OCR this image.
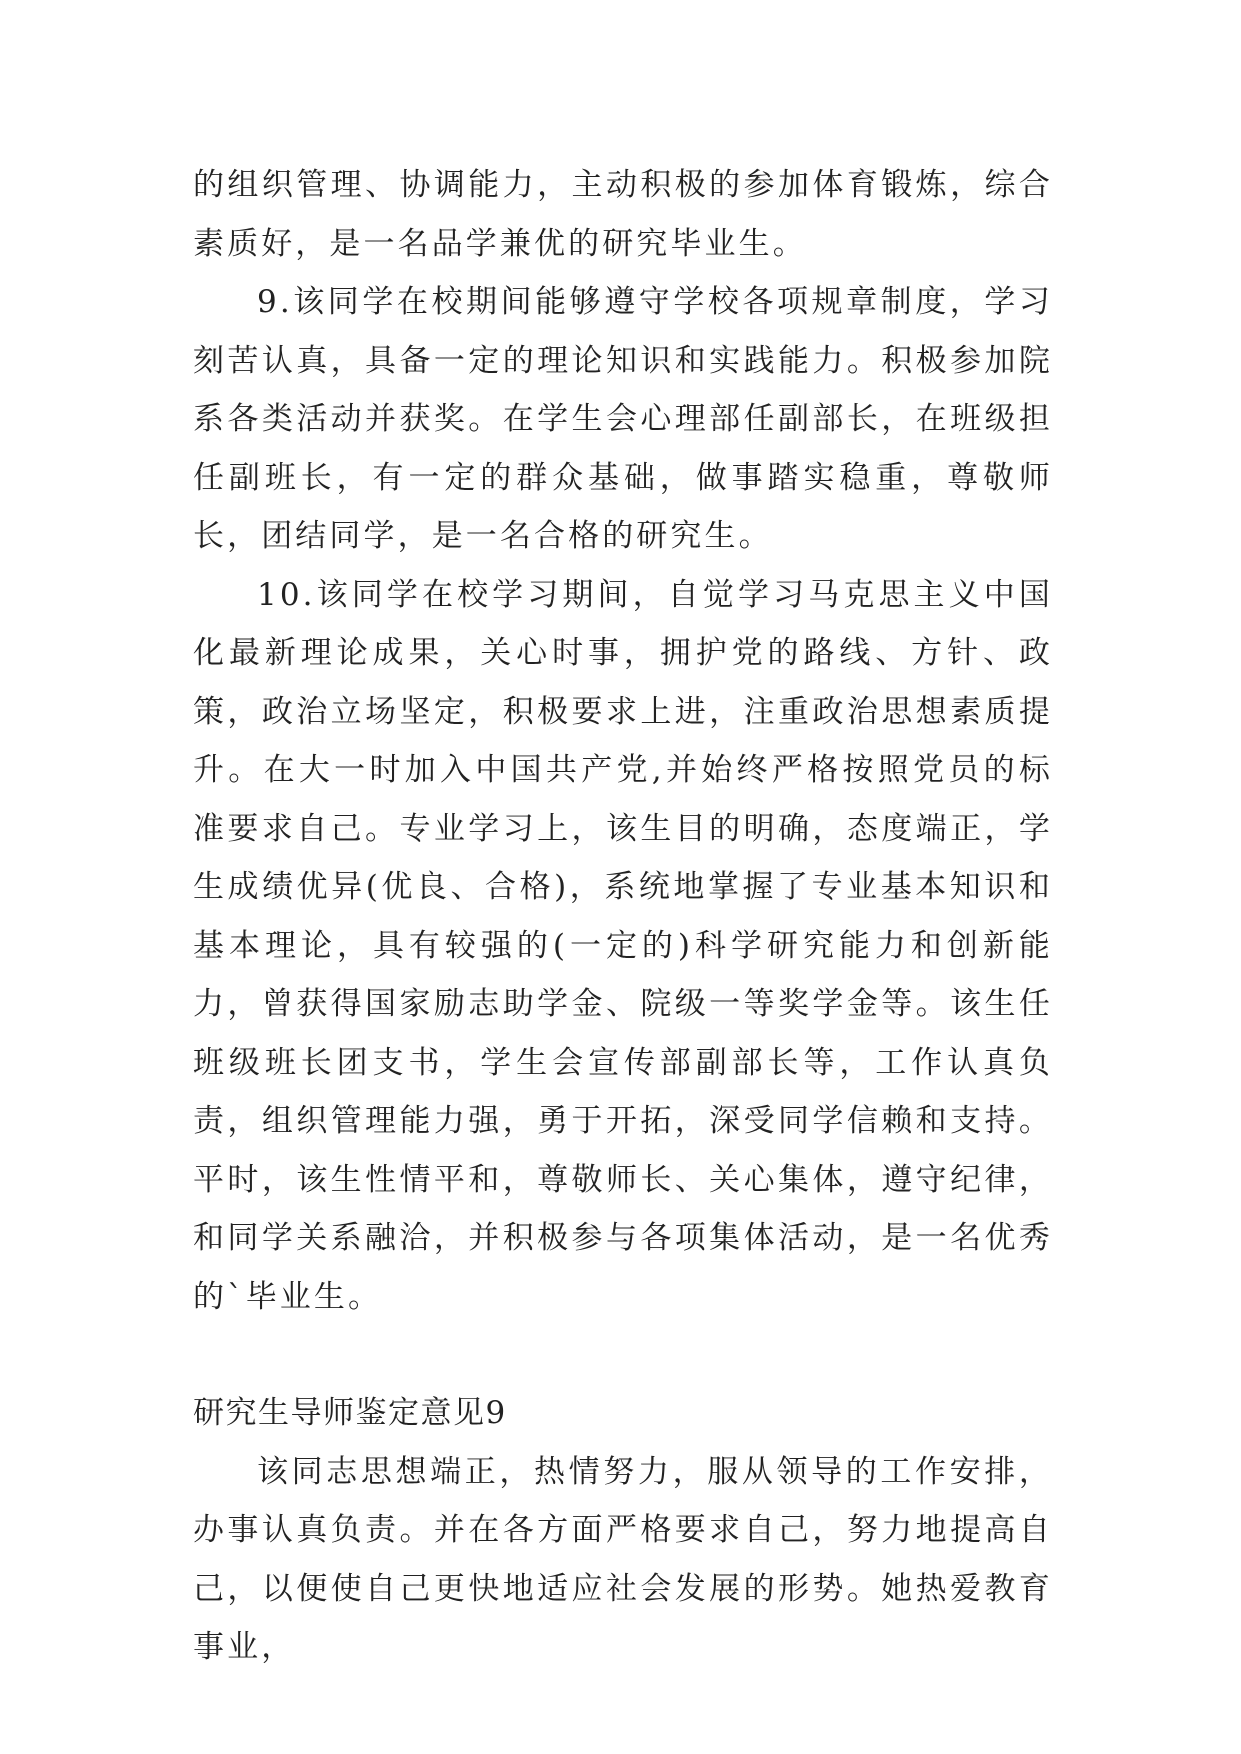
的组织管理、协调能力，主动积极的参加体育锻炼，综合素质好，是一名品学兼优的研究毕业生。

9.该同学在校期间能够遵守学校各项规章制度，学习刻苦认真，具备一定的理论知识和实践能力。积极参加院系各类活动并获奖。在学生会心理部任副部长，在班级担任副班长，有一定的群众基础，做事踏实稳重，尊敬师长，团结同学，是一名合格的研究生。

10.该同学在校学习期间，自觉学习马克思主义中国化最新理论成果，关心时事，拥护党的路线、方针、政策，政治立场坚定，积极要求上进，注重政治思想素质提升。在大一时加入中国共产党,并始终严格按照党员的标准要求自己。专业学习上，该生目的明确，态度端正，学生成绩优异(优良、合格)，系统地掌握了专业基本知识和基本理论，具有较强的(一定的)科学研究能力和创新能力，曾获得国家励志助学金、院级一等奖学金等。该生任班级班长团支书，学生会宣传部副部长等，工作认真负责，组织管理能力强，勇于开拓，深受同学信赖和支持。平时，该生性情平和，尊敬师长、关心集体，遵守纪律，和同学关系融洽，并积极参与各项集体活动，是一名优秀的`毕业生。

研究生导师鉴定意见9

该同志思想端正，热情努力，服从领导的工作安排，办事认真负责。并在各方面严格要求自己，努力地提高自己，以便使自己更快地适应社会发展的形势。她热爱教育事业，
